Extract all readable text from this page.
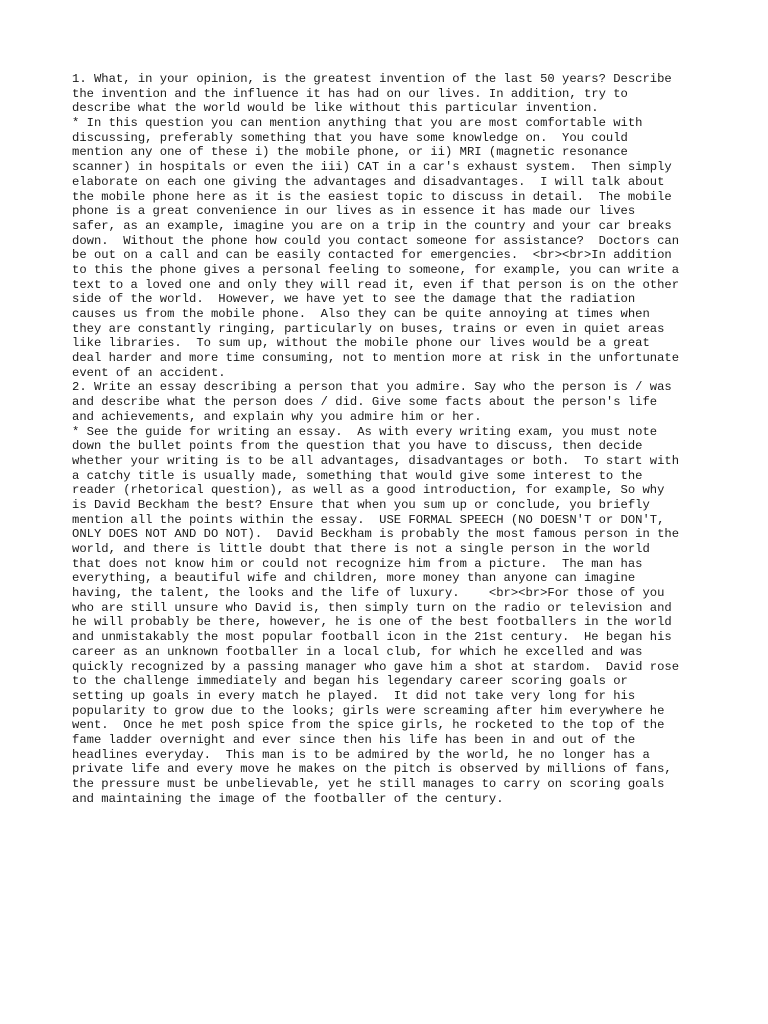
1. What, in your opinion, is the greatest invention of the last 50 years? Describe
the invention and the influence it has had on our lives. In addition, try to
describe what the world would be like without this particular invention.
* In this question you can mention anything that you are most comfortable with
discussing, preferably something that you have some knowledge on.  You could
mention any one of these i) the mobile phone, or ii) MRI (magnetic resonance
scanner) in hospitals or even the iii) CAT in a car's exhaust system.  Then simply
elaborate on each one giving the advantages and disadvantages.  I will talk about
the mobile phone here as it is the easiest topic to discuss in detail.  The mobile
phone is a great convenience in our lives as in essence it has made our lives
safer, as an example, imagine you are on a trip in the country and your car breaks
down.  Without the phone how could you contact someone for assistance?  Doctors can
be out on a call and can be easily contacted for emergencies.  <br><br>In addition
to this the phone gives a personal feeling to someone, for example, you can write a
text to a loved one and only they will read it, even if that person is on the other
side of the world.  However, we have yet to see the damage that the radiation
causes us from the mobile phone.  Also they can be quite annoying at times when
they are constantly ringing, particularly on buses, trains or even in quiet areas
like libraries.  To sum up, without the mobile phone our lives would be a great
deal harder and more time consuming, not to mention more at risk in the unfortunate
event of an accident.
2. Write an essay describing a person that you admire. Say who the person is / was
and describe what the person does / did. Give some facts about the person's life
and achievements, and explain why you admire him or her.
* See the guide for writing an essay.  As with every writing exam, you must note
down the bullet points from the question that you have to discuss, then decide
whether your writing is to be all advantages, disadvantages or both.  To start with
a catchy title is usually made, something that would give some interest to the
reader (rhetorical question), as well as a good introduction, for example, So why
is David Beckham the best? Ensure that when you sum up or conclude, you briefly
mention all the points within the essay.  USE FORMAL SPEECH (NO DOESN'T or DON'T,
ONLY DOES NOT AND DO NOT).  David Beckham is probably the most famous person in the
world, and there is little doubt that there is not a single person in the world
that does not know him or could not recognize him from a picture.  The man has
everything, a beautiful wife and children, more money than anyone can imagine
having, the talent, the looks and the life of luxury.    <br><br>For those of you
who are still unsure who David is, then simply turn on the radio or television and
he will probably be there, however, he is one of the best footballers in the world
and unmistakably the most popular football icon in the 21st century.  He began his
career as an unknown footballer in a local club, for which he excelled and was
quickly recognized by a passing manager who gave him a shot at stardom.  David rose
to the challenge immediately and began his legendary career scoring goals or
setting up goals in every match he played.  It did not take very long for his
popularity to grow due to the looks; girls were screaming after him everywhere he
went.  Once he met posh spice from the spice girls, he rocketed to the top of the
fame ladder overnight and ever since then his life has been in and out of the
headlines everyday.  This man is to be admired by the world, he no longer has a
private life and every move he makes on the pitch is observed by millions of fans,
the pressure must be unbelievable, yet he still manages to carry on scoring goals
and maintaining the image of the footballer of the century.
